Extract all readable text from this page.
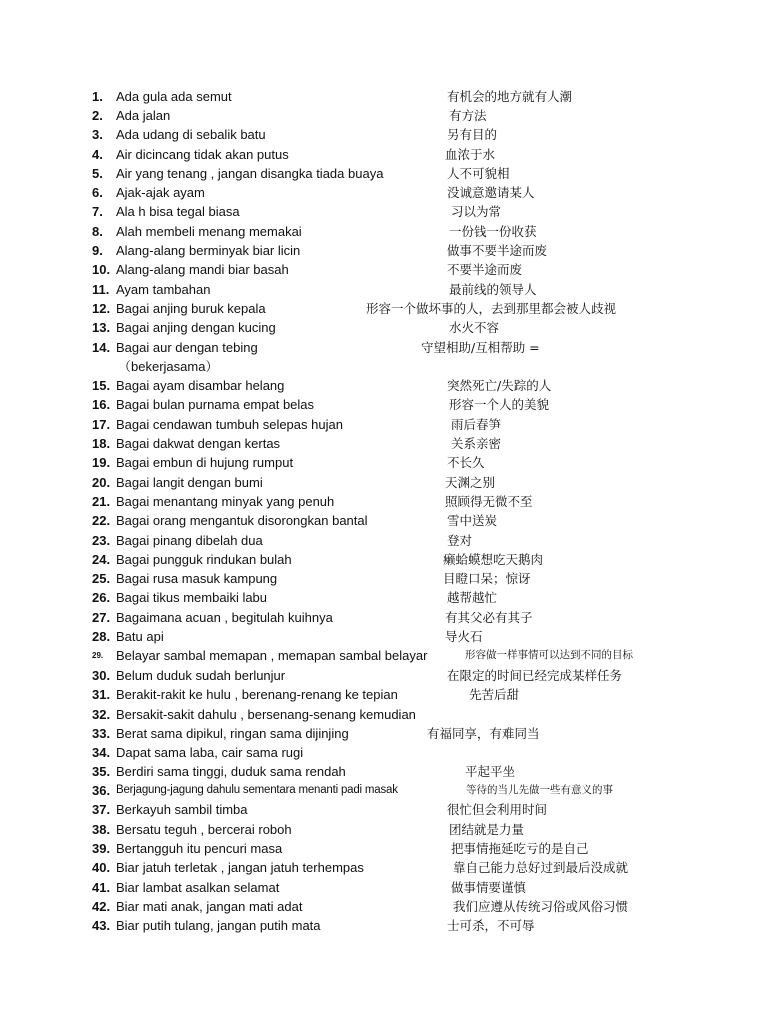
1. Ada gula ada semut	有机会的地方就有人潮
2. Ada jalan	有方法
3. Ada udang di sebalik batu	另有目的
4. Air dicincang tidak akan putus	血浓于水
5. Air yang tenang , jangan disangka tiada buaya	人不可貌相
6. Ajak-ajak ayam	没诚意邀请某人
7. Ala h bisa tegal biasa	习以为常
8. Alah membeli menang memakai	一份钱一份收获
9. Alang-alang berminyak biar licin	做事不要半途而废
10. Alang-alang mandi biar basah	不要半途而废
11. Ayam tambahan	最前线的领导人
12. Bagai anjing buruk kepala	形容一个做坏事的人，去到那里都会被人歧视
13. Bagai anjing dengan kucing	水火不容
14. Bagai aur dengan tebing	守望相助/互相帮助 =
（bekerjasama）
15. Bagai ayam disambar helang	突然死亡/失踪的人
16. Bagai bulan purnama empat belas	形容一个人的美貌
17. Bagai cendawan tumbuh selepas hujan	雨后春笋
18. Bagai dakwat dengan kertas	关系亲密
19. Bagai embun di hujung rumput	不长久
20. Bagai langit dengan bumi	天渊之别
21. Bagai menantang minyak yang penuh	照顾得无微不至
22. Bagai orang mengantuk disorongkan bantal	雪中送炭
23. Bagai pinang dibelah dua	登对
24. Bagai pungguk rindukan bulah	癞蛤蟆想吃天鹅肉
25. Bagai rusa masuk kampung	目瞪口呆；惊讶
26. Bagai tikus membaiki labu	越帮越忙
27. Bagaimana acuan , begitulah kuihnya	有其父必有其子
28. Batu api	导火石
29. Belayar sambal memapan , memapan sambal belayar	形容做一样事情可以达到不同的目标
30. Belum duduk sudah berlunjur	在限定的时间已经完成某样任务
31. Berakit-rakit ke hulu , berenang-renang ke tepian	先苦后甜
32. Bersakit-sakit dahulu , bersenang-senang kemudian
33. Berat sama dipikul, ringan sama dijinjing	有福同享，有难同当
34. Dapat sama laba, cair sama rugi
35. Berdiri sama tinggi, duduk sama rendah	平起平坐
36. Berjagung-jagung dahulu sementara menanti padi masak	等待的当儿先做一些有意义的事
37. Berkayuh sambil timba	很忙但会利用时间
38. Bersatu teguh , bercerai roboh	团结就是力量
39. Bertangguh itu pencuri masa	把事情拖延吃亏的是自己
40. Biar jatuh terletak , jangan jatuh terhempas	靠自己能力总好过到最后没成就
41. Biar lambat asalkan selamat	做事情要谨慎
42. Biar mati anak, jangan mati adat	我们应遵从传统习俗或风俗习惯
43. Biar putih tulang, jangan putih mata	士可杀，不可辱
